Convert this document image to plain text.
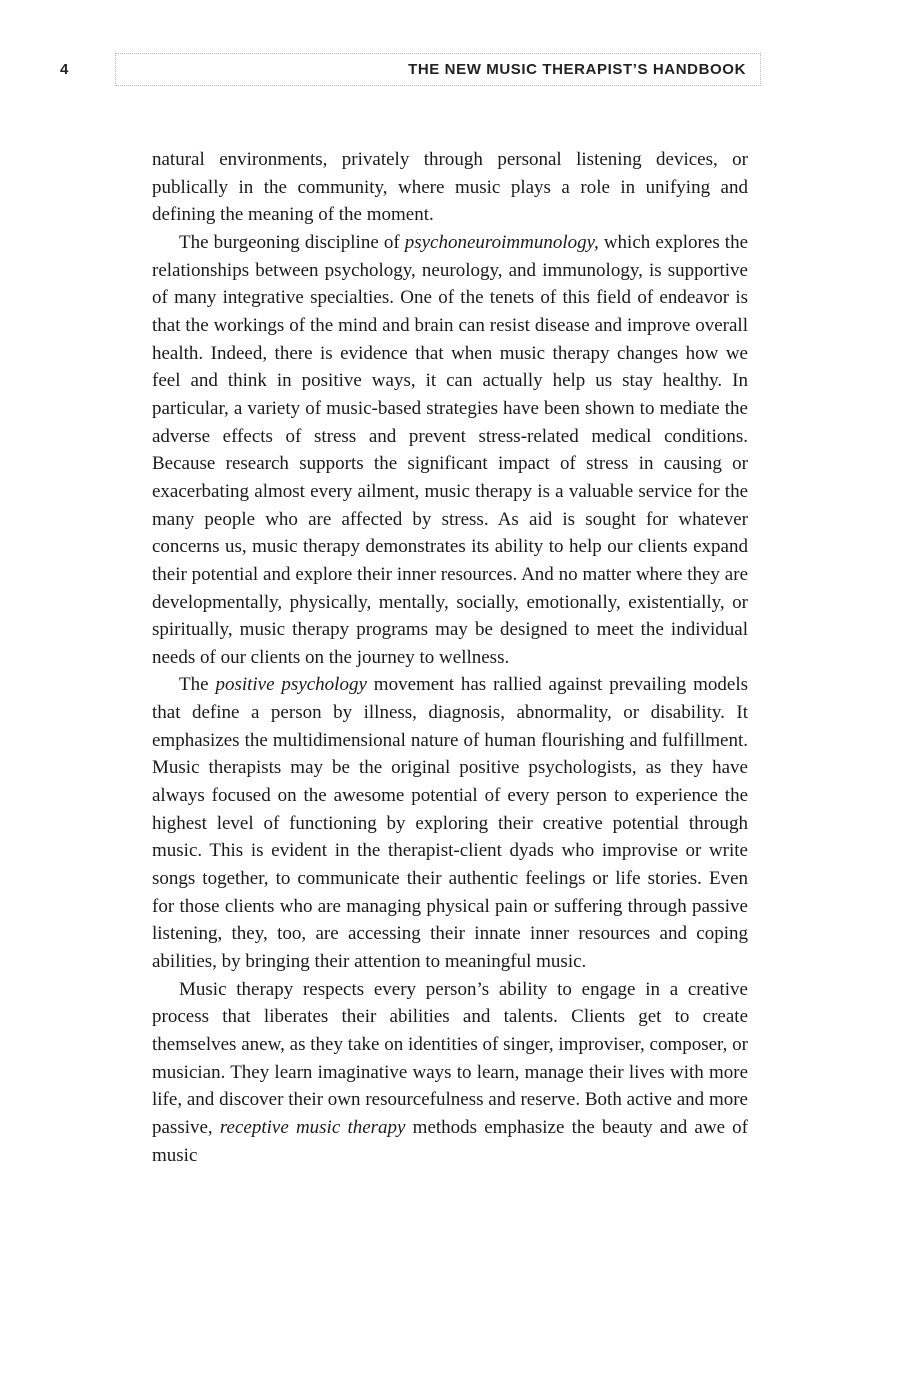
4	THE NEW MUSIC THERAPIST’S HANDBOOK

natural environments, privately through personal listening devices, or publically in the community, where music plays a role in unifying and defining the meaning of the moment.

The burgeoning discipline of psychoneuroimmunology, which explores the relationships between psychology, neurology, and immunology, is supportive of many integrative specialties. One of the tenets of this field of endeavor is that the workings of the mind and brain can resist disease and improve overall health. Indeed, there is evidence that when music therapy changes how we feel and think in positive ways, it can actually help us stay healthy. In particular, a variety of music-based strategies have been shown to mediate the adverse effects of stress and prevent stress-related medical conditions. Because research supports the significant impact of stress in causing or exacerbating almost every ailment, music therapy is a valuable service for the many people who are affected by stress. As aid is sought for whatever concerns us, music therapy demonstrates its ability to help our clients expand their potential and explore their inner resources. And no matter where they are developmentally, physically, mentally, socially, emotionally, existentially, or spiritually, music therapy programs may be designed to meet the individual needs of our clients on the journey to wellness.

The positive psychology movement has rallied against prevailing models that define a person by illness, diagnosis, abnormality, or disability. It emphasizes the multidimensional nature of human flourishing and fulfillment. Music therapists may be the original positive psychologists, as they have always focused on the awesome potential of every person to experience the highest level of functioning by exploring their creative potential through music. This is evident in the therapist-client dyads who improvise or write songs together, to communicate their authentic feelings or life stories. Even for those clients who are managing physical pain or suffering through passive listening, they, too, are accessing their innate inner resources and coping abilities, by bringing their attention to meaningful music.

Music therapy respects every person’s ability to engage in a creative process that liberates their abilities and talents. Clients get to create themselves anew, as they take on identities of singer, improviser, composer, or musician. They learn imaginative ways to learn, manage their lives with more life, and discover their own resourcefulness and reserve. Both active and more passive, receptive music therapy methods emphasize the beauty and awe of music
